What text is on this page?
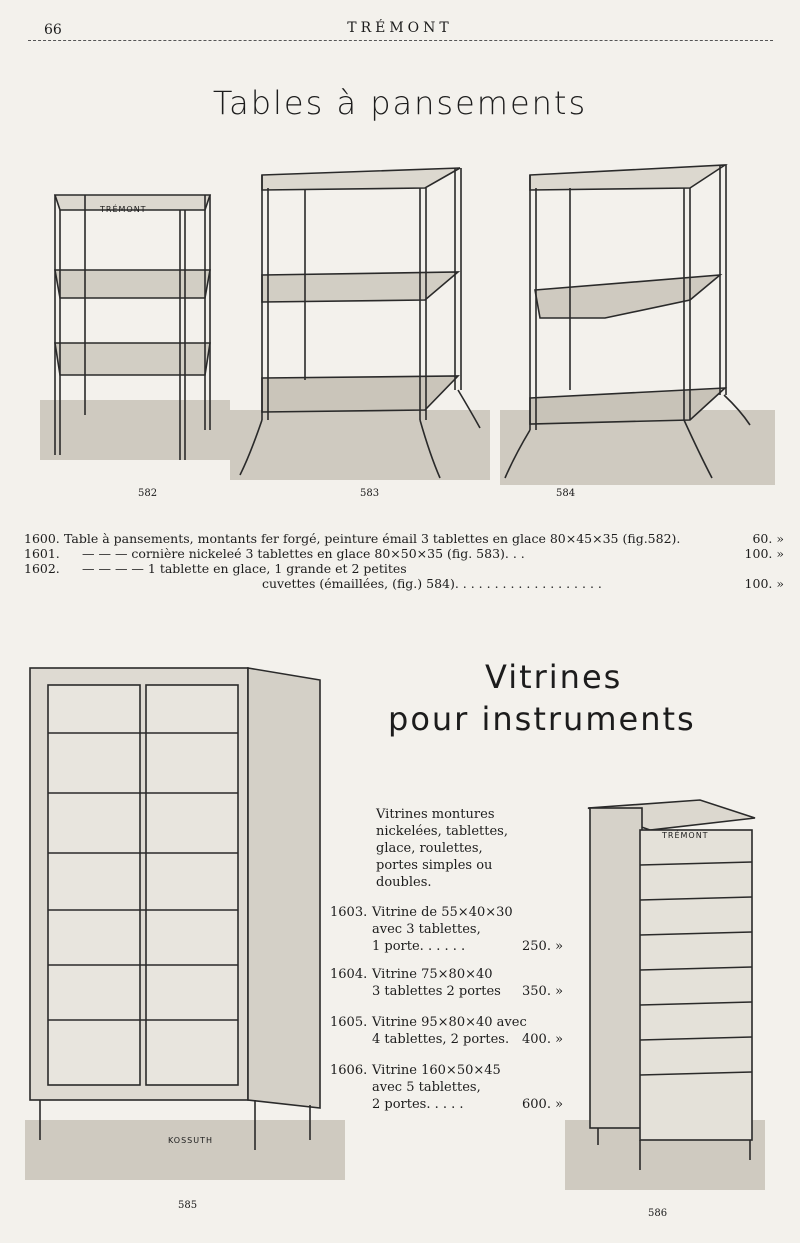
66	TRÉMONT
Tables à pansements
582	583	584
TRÉMONT
1600. Table à pansements, montants fer forgé, peinture émail 3 tablettes en glace 80×45×35 (fig.582).	60. »
1601. — — — cornière nickeleé 3 tablettes en glace 80×50×35 (fig. 583). . .	100. »
1602. — — — — 1 tablette en glace, 1 grande et 2 petites
cuvettes (émaillées, (fig.) 584). . . . . . . . . . . . . . . . . . .	100. »
Vitrines
pour instruments
585
586
KOSSUTH
TRÉMONT
Vitrines montures
nickelées, tablettes,
glace, roulettes,
portes simples ou
doubles.
1603. Vitrine de 55×40×30
avec 3 tablettes,
1 porte. . . . . .	250. »
1604. Vitrine 75×80×40
3 tablettes 2 portes	350. »
1605. Vitrine 95×80×40 avec
4 tablettes, 2 portes. 400. »
1606. Vitrine 160×50×45
avec 5 tablettes,
2 portes. . . . .	600. »
